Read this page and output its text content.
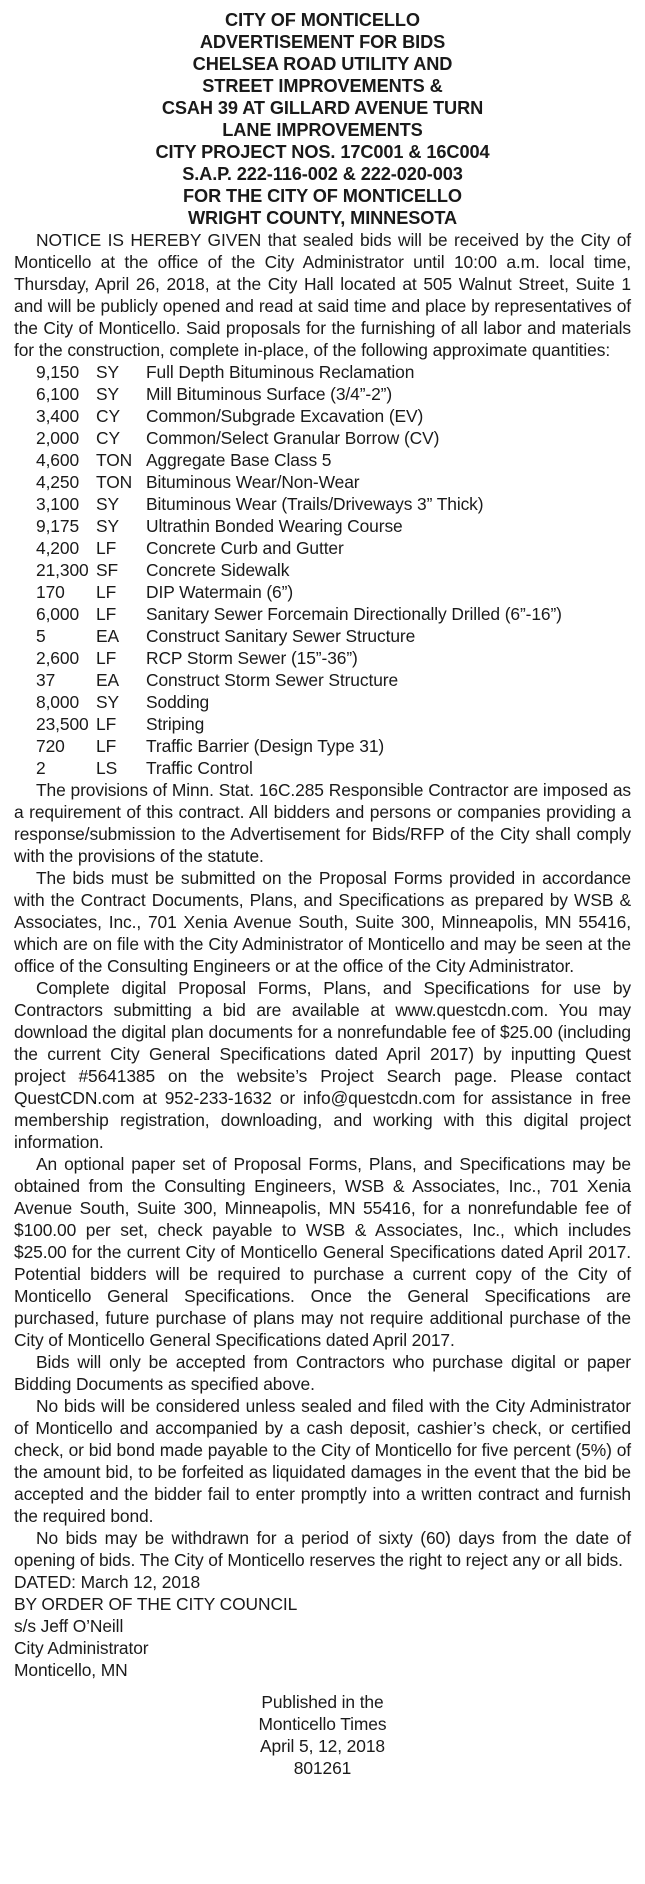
CITY OF MONTICELLO
ADVERTISEMENT FOR BIDS
CHELSEA ROAD UTILITY AND
STREET IMPROVEMENTS &
CSAH 39 AT GILLARD AVENUE TURN
LANE IMPROVEMENTS
CITY PROJECT NOS. 17C001 & 16C004
S.A.P. 222-116-002 & 222-020-003
FOR THE CITY OF MONTICELLO
WRIGHT COUNTY, MINNESOTA

NOTICE IS HEREBY GIVEN that sealed bids will be received by the City of Monticello at the office of the City Administrator until 10:00 a.m. local time, Thursday, April 26, 2018, at the City Hall located at 505 Walnut Street, Suite 1 and will be publicly opened and read at said time and place by representatives of the City of Monticello. Said proposals for the furnishing of all labor and materials for the construction, complete in-place, of the following approximate quantities:

9,150 SY	Full Depth Bituminous Reclamation
6,100 SY	Mill Bituminous Surface (3/4”-2”)
3,400 CY	Common/Subgrade Excavation (EV)
2,000 CY	Common/Select Granular Borrow (CV)
4,600 TON Aggregate Base Class 5
4,250 TON Bituminous Wear/Non-Wear
3,100 SY	Bituminous Wear (Trails/Driveways 3” Thick)
9,175 SY	Ultrathin Bonded Wearing Course
4,200 LF	Concrete Curb and Gutter
21,300 SF	Concrete Sidewalk
170	LF	DIP Watermain (6”)
6,000 LF	Sanitary Sewer Forcemain Directionally Drilled (6”-16”)
5	EA	Construct Sanitary Sewer Structure
2,600 LF	RCP Storm Sewer (15”-36”)
37	EA	Construct Storm Sewer Structure
8,000 SY	Sodding
23,500 LF	Striping
720	LF	Traffic Barrier (Design Type 31)
2	LS	Traffic Control

The provisions of Minn. Stat. 16C.285 Responsible Contractor are imposed as a requirement of this contract. All bidders and persons or companies providing a response/submission to the Advertisement for Bids/RFP of the City shall comply with the provisions of the statute.

The bids must be submitted on the Proposal Forms provided in accordance with the Contract Documents, Plans, and Specifications as prepared by WSB & Associates, Inc., 701 Xenia Avenue South, Suite 300, Minneapolis, MN 55416, which are on file with the City Administrator of Monticello and may be seen at the office of the Consulting Engineers or at the office of the City Administrator.

Complete digital Proposal Forms, Plans, and Specifications for use by Contractors submitting a bid are available at www.questcdn.com. You may download the digital plan documents for a nonrefundable fee of $25.00 (including the current City General Specifications dated April 2017) by inputting Quest project #5641385 on the website’s Project Search page. Please contact QuestCDN.com at 952-233-1632 or info@questcdn.com for assistance in free membership registration, downloading, and working with this digital project information.

An optional paper set of Proposal Forms, Plans, and Specifications may be obtained from the Consulting Engineers, WSB & Associates, Inc., 701 Xenia Avenue South, Suite 300, Minneapolis, MN 55416, for a nonrefundable fee of $100.00 per set, check payable to WSB & Associates, Inc., which includes $25.00 for the current City of Monticello General Specifications dated April 2017. Potential bidders will be required to purchase a current copy of the City of Monticello General Specifications. Once the General Specifications are purchased, future purchase of plans may not require additional purchase of the City of Monticello General Specifications dated April 2017.

Bids will only be accepted from Contractors who purchase digital or paper Bidding Documents as specified above.

No bids will be considered unless sealed and filed with the City Administrator of Monticello and accompanied by a cash deposit, cashier’s check, or certified check, or bid bond made payable to the City of Monticello for five percent (5%) of the amount bid, to be forfeited as liquidated damages in the event that the bid be accepted and the bidder fail to enter promptly into a written contract and furnish the required bond.

No bids may be withdrawn for a period of sixty (60) days from the date of opening of bids. The City of Monticello reserves the right to reject any or all bids.

DATED: March 12, 2018
BY ORDER OF THE CITY COUNCIL
s/s Jeff O’Neill
City Administrator
Monticello, MN
Published in the
Monticello Times
April 5, 12, 2018
801261
